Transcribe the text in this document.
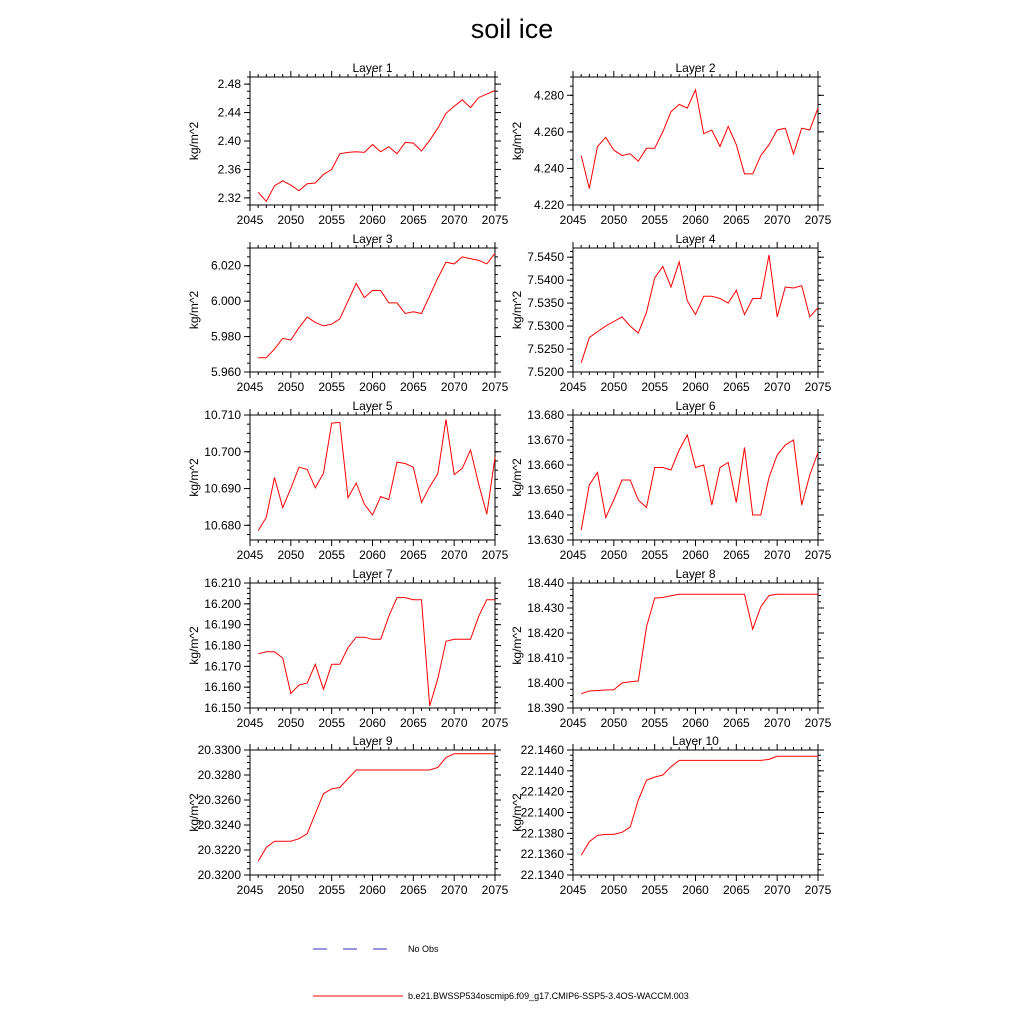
soil ice
Layer 1
kg/m^2
2045 2050 2055 2060 2065 2070 2075
2.32
2.36
2.40
2.44
2.48
Layer 2
kg/m^2
2045 2050 2055 2060 2065 2070 2075
4.220
4.240
4.260
4.280
Layer 3
kg/m^2
2045 2050 2055 2060 2065 2070 2075
5.960
5.980
6.000
6.020
Layer 4
kg/m^2
2045 2050 2055 2060 2065 2070 2075
7.5200
7.5250
7.5300
7.5350
7.5400
7.5450
Layer 5
kg/m^2
2045 2050 2055 2060 2065 2070 2075
10.680
10.690
10.700
10.710
Layer 6
kg/m^2
2045 2050 2055 2060 2065 2070 2075
13.630
13.640
13.650
13.660
13.670
13.680
Layer 7
kg/m^2
2045 2050 2055 2060 2065 2070 2075
16.150
16.160
16.170
16.180
16.190
16.200
16.210
Layer 8
kg/m^2
2045 2050 2055 2060 2065 2070 2075
18.390
18.400
18.410
18.420
18.430
18.440
Layer 9
kg/m^2
2045 2050 2055 2060 2065 2070 2075
20.3200
20.3220
20.3240
20.3260
20.3280
20.3300
Layer 10
kg/m^2
2045 2050 2055 2060 2065 2070 2075
22.1340
22.1360
22.1380
22.1400
22.1420
22.1440
22.1460
No Obs
b.e21.BWSSP534oscmip6.f09_g17.CMIP6-SSP5-3.4OS-WACCM.003
